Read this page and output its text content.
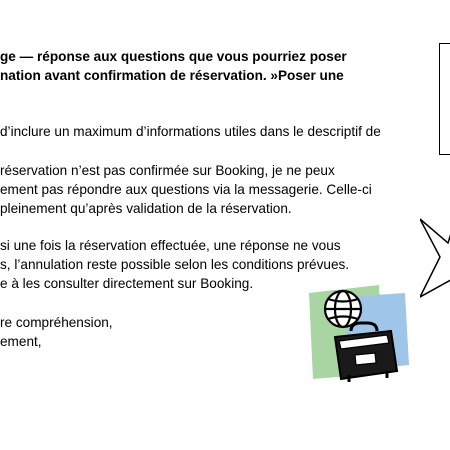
ge — réponse aux questions que vous pourriez poser
nation avant confirmation de réservation. »Poser une
d’inclure un maximum d’informations utiles dans le descriptif de
réservation n’est pas confirmée sur Booking, je ne peux
ement pas répondre aux questions via la messagerie. Celle-ci
pleinement qu’après validation de la réservation.
si une fois la réservation effectuée, une réponse ne vous
s, l’annulation reste possible selon les conditions prévues.
e à les consulter directement sur Booking.
re compréhension,
ement,
